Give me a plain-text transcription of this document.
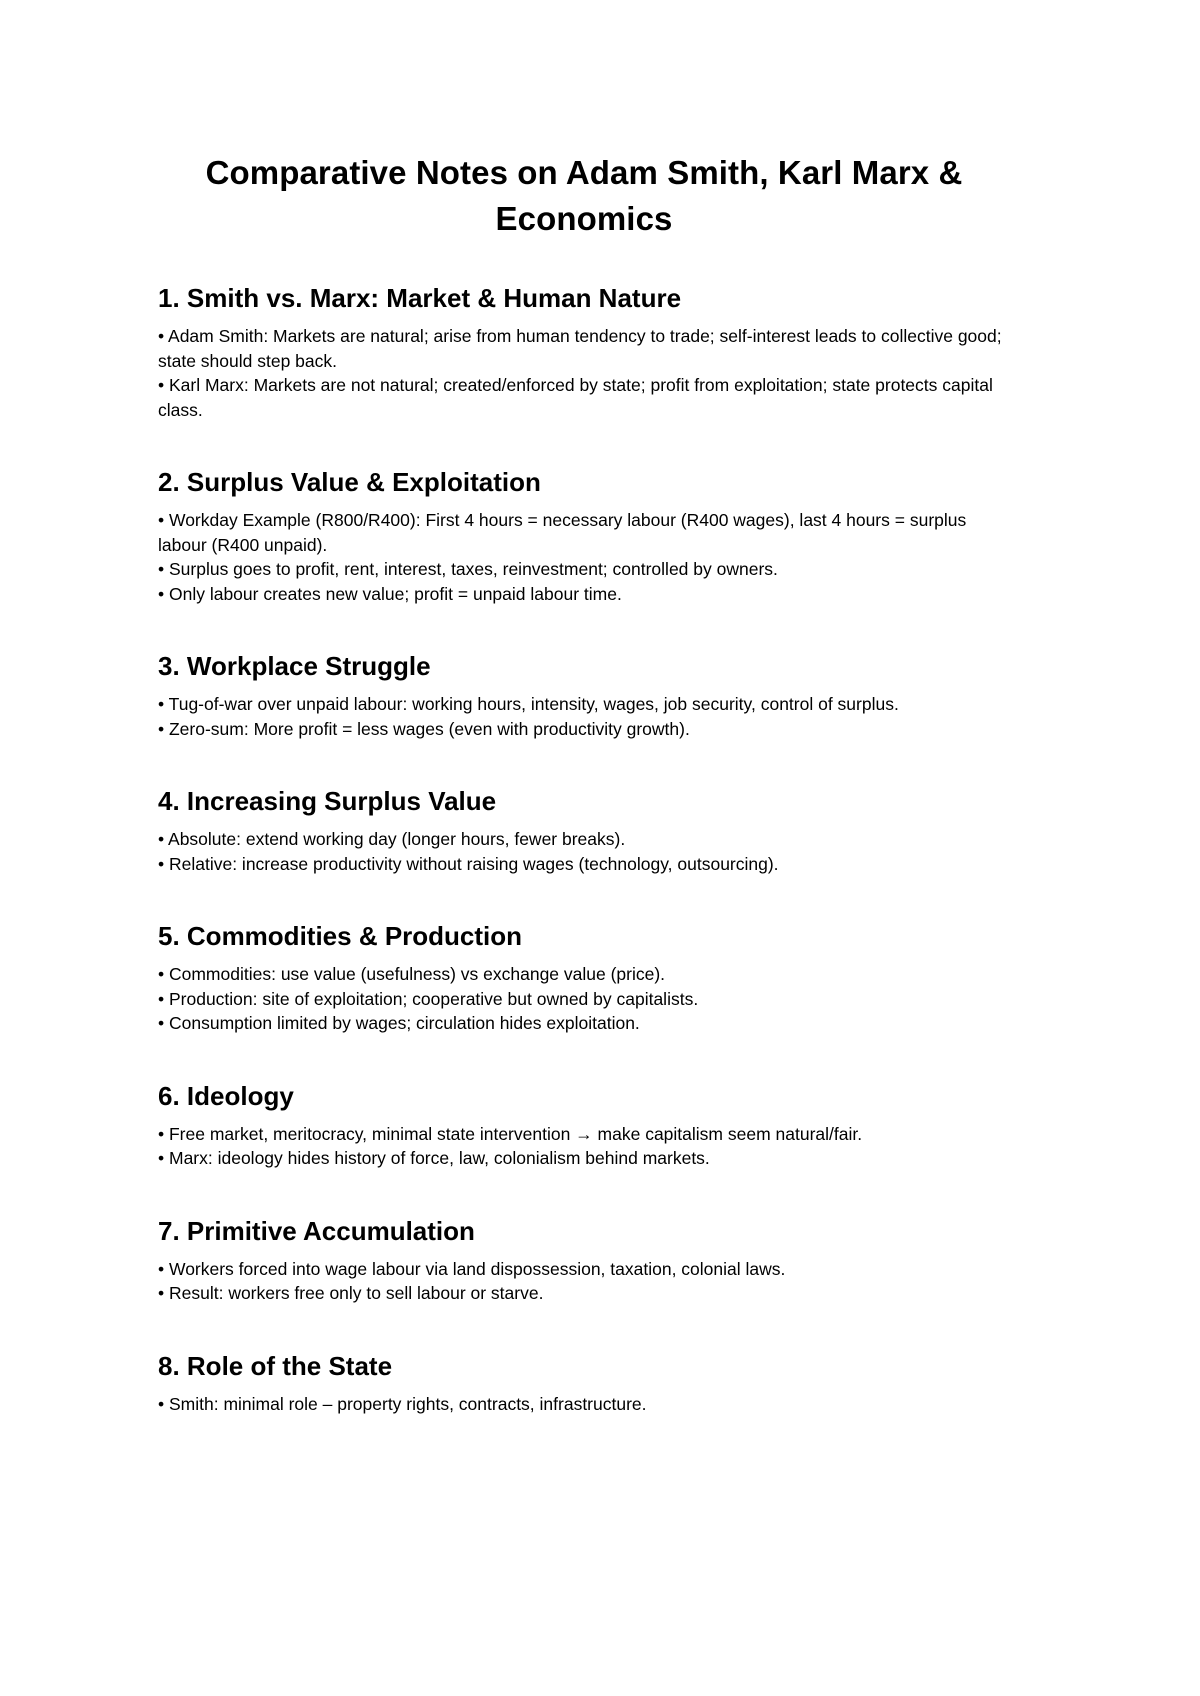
Comparative Notes on Adam Smith, Karl Marx & Economics
1. Smith vs. Marx: Market & Human Nature

• Adam Smith: Markets are natural; arise from human tendency to trade; self-interest leads to collective good; state should step back.

• Karl Marx: Markets are not natural; created/enforced by state; profit from exploitation; state protects capital class.

2. Surplus Value & Exploitation

• Workday Example (R800/R400): First 4 hours = necessary labour (R400 wages), last 4 hours = surplus labour (R400 unpaid).

• Surplus goes to profit, rent, interest, taxes, reinvestment; controlled by owners.

• Only labour creates new value; profit = unpaid labour time.

3. Workplace Struggle

• Tug-of-war over unpaid labour: working hours, intensity, wages, job security, control of surplus.

• Zero-sum: More profit = less wages (even with productivity growth).

4. Increasing Surplus Value

• Absolute: extend working day (longer hours, fewer breaks).

• Relative: increase productivity without raising wages (technology, outsourcing).

5. Commodities & Production

• Commodities: use value (usefulness) vs exchange value (price).

• Production: site of exploitation; cooperative but owned by capitalists.

• Consumption limited by wages; circulation hides exploitation.

6. Ideology

• Free market, meritocracy, minimal state intervention → make capitalism seem natural/fair.

• Marx: ideology hides history of force, law, colonialism behind markets.

7. Primitive Accumulation

• Workers forced into wage labour via land dispossession, taxation, colonial laws.

• Result: workers free only to sell labour or starve.

8. Role of the State

• Smith: minimal role – property rights, contracts, infrastructure.
